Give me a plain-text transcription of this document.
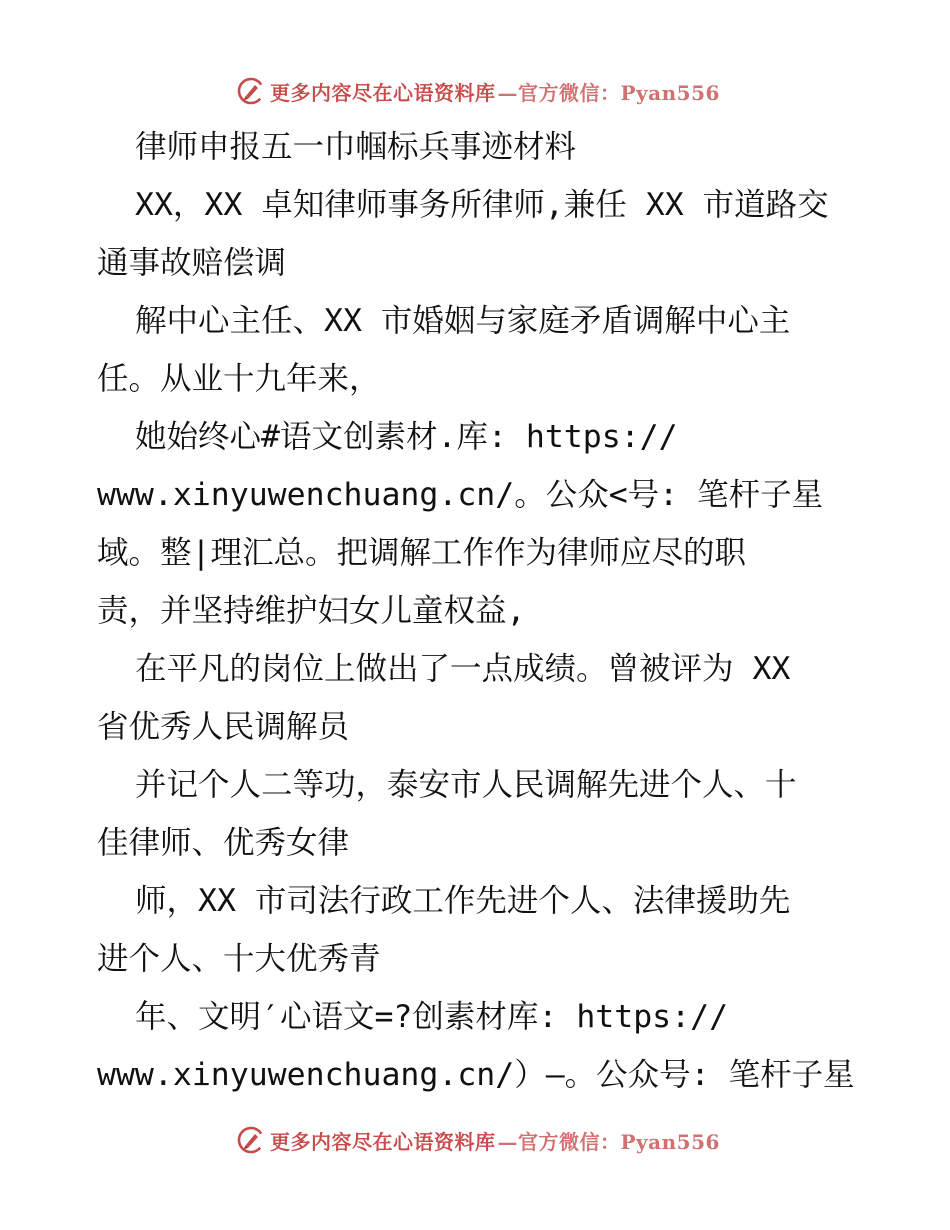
更多内容尽在心语资料库 —官方微信：Pyan556
律师申报五一巾帼标兵事迹材料
XX，XX 卓知律师事务所律师,兼任 XX 市道路交
通事故赔偿调
解中心主任、XX 市婚姻与家庭矛盾调解中心主
任。从业十九年来，
她始终心#语文创素材.库: https://
www.xinyuwenchuang.cn/。公众<号: 笔杆子星
域。整|理汇总。把调解工作作为律师应尽的职
责，并坚持维护妇女儿童权益,
在平凡的岗位上做出了一点成绩。曾被评为 XX
省优秀人民调解员
并记个人二等功，泰安市人民调解先进个人、十
佳律师、优秀女律
师，XX 市司法行政工作先进个人、法律援助先
进个人、十大优秀青
年、文明′心语文=?创素材库: https://
www.xinyuwenchuang.cn/）—。公众号: 笔杆子星
更多内容尽在心语资料库 —官方微信：Pyan556
